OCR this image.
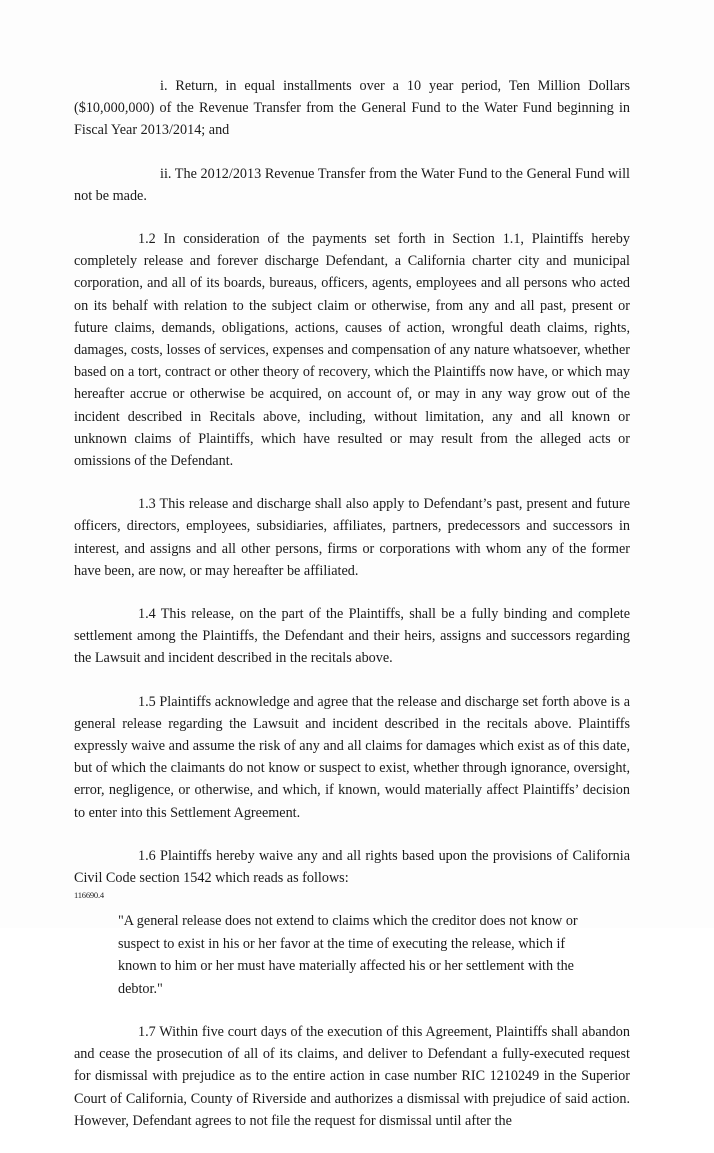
i. Return, in equal installments over a 10 year period, Ten Million Dollars ($10,000,000) of the Revenue Transfer from the General Fund to the Water Fund beginning in Fiscal Year 2013/2014; and

ii. The 2012/2013 Revenue Transfer from the Water Fund to the General Fund will not be made.

1.2 In consideration of the payments set forth in Section 1.1, Plaintiffs hereby completely release and forever discharge Defendant, a California charter city and municipal corporation, and all of its boards, bureaus, officers, agents, employees and all persons who acted on its behalf with relation to the subject claim or otherwise, from any and all past, present or future claims, demands, obligations, actions, causes of action, wrongful death claims, rights, damages, costs, losses of services, expenses and compensation of any nature whatsoever, whether based on a tort, contract or other theory of recovery, which the Plaintiffs now have, or which may hereafter accrue or otherwise be acquired, on account of, or may in any way grow out of the incident described in Recitals above, including, without limitation, any and all known or unknown claims of Plaintiffs, which have resulted or may result from the alleged acts or omissions of the Defendant.

1.3 This release and discharge shall also apply to Defendant’s past, present and future officers, directors, employees, subsidiaries, affiliates, partners, predecessors and successors in interest, and assigns and all other persons, firms or corporations with whom any of the former have been, are now, or may hereafter be affiliated.

1.4 This release, on the part of the Plaintiffs, shall be a fully binding and complete settlement among the Plaintiffs, the Defendant and their heirs, assigns and successors regarding the Lawsuit and incident described in the recitals above.

1.5 Plaintiffs acknowledge and agree that the release and discharge set forth above is a general release regarding the Lawsuit and incident described in the recitals above. Plaintiffs expressly waive and assume the risk of any and all claims for damages which exist as of this date, but of which the claimants do not know or suspect to exist, whether through ignorance, oversight, error, negligence, or otherwise, and which, if known, would materially affect Plaintiffs’ decision to enter into this Settlement Agreement.

1.6 Plaintiffs hereby waive any and all rights based upon the provisions of California Civil Code section 1542 which reads as follows:

"A general release does not extend to claims which the creditor does not know or suspect to exist in his or her favor at the time of executing the release, which if known to him or her must have materially affected his or her settlement with the debtor."

1.7 Within five court days of the execution of this Agreement, Plaintiffs shall abandon and cease the prosecution of all of its claims, and deliver to Defendant a fully-executed request for dismissal with prejudice as to the entire action in case number RIC 1210249 in the Superior Court of California, County of Riverside and authorizes a dismissal with prejudice of said action. However, Defendant agrees to not file the request for dismissal until after the

116690.4
